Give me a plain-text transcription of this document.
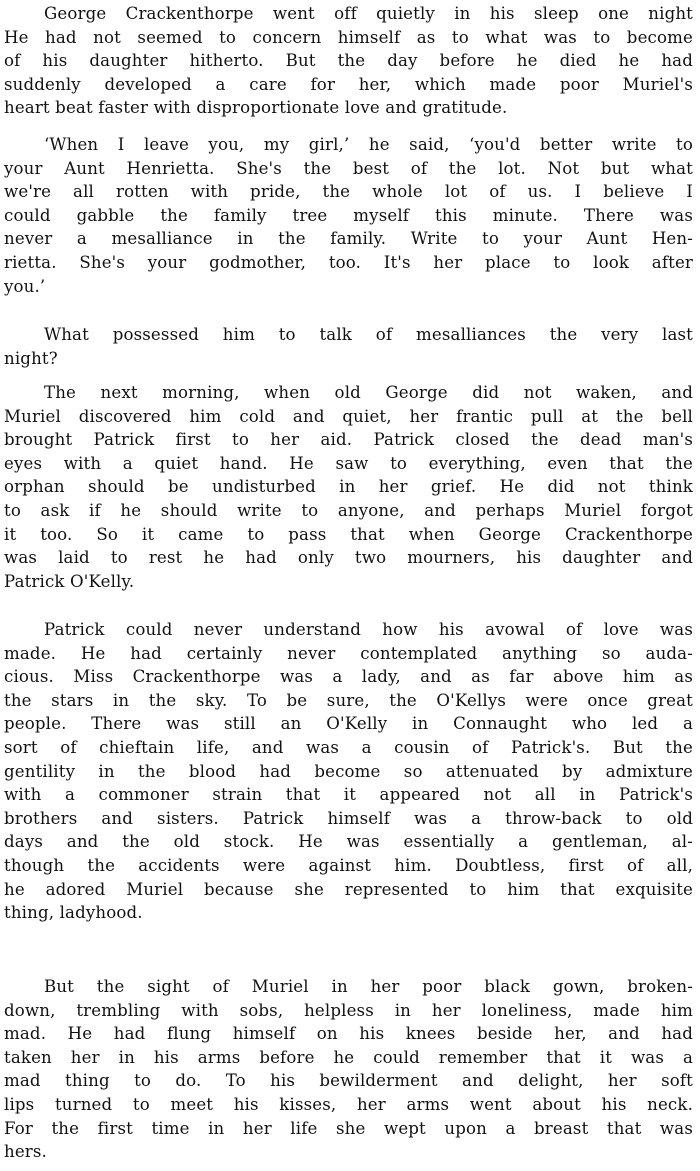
George Crackenthorpe went off quietly in his sleep one night
He had not seemed to concern himself as to what was to become
of his daughter hitherto. But the day before he died he had
suddenly developed a care for her, which made poor Muriel's
heart beat faster with disproportionate love and gratitude.
‘When I leave you, my girl,’ he said, ‘you'd better write to
your Aunt Henrietta. She's the best of the lot. Not but what
we're all rotten with pride, the whole lot of us. I believe I
could gabble the family tree myself this minute. There was
never a mesalliance in the family. Write to your Aunt Hen-
rietta. She's your godmother, too. It's her place to look after
you.’
What possessed him to talk of mesalliances the very last
night?
The next morning, when old George did not waken, and
Muriel discovered him cold and quiet, her frantic pull at the bell
brought Patrick first to her aid. Patrick closed the dead man's
eyes with a quiet hand. He saw to everything, even that the
orphan should be undisturbed in her grief. He did not think
to ask if he should write to anyone, and perhaps Muriel forgot
it too. So it came to pass that when George Crackenthorpe
was laid to rest he had only two mourners, his daughter and
Patrick O'Kelly.
Patrick could never understand how his avowal of love was
made. He had certainly never contemplated anything so auda-
cious. Miss Crackenthorpe was a lady, and as far above him as
the stars in the sky. To be sure, the O'Kellys were once great
people. There was still an O'Kelly in Connaught who led a
sort of chieftain life, and was a cousin of Patrick's. But the
gentility in the blood had become so attenuated by admixture
with a commoner strain that it appeared not all in Patrick's
brothers and sisters. Patrick himself was a throw-back to old
days and the old stock. He was essentially a gentleman, al-
though the accidents were against him. Doubtless, first of all,
he adored Muriel because she represented to him that exquisite
thing, ladyhood.
But the sight of Muriel in her poor black gown, broken-
down, trembling with sobs, helpless in her loneliness, made him
mad. He had flung himself on his knees beside her, and had
taken her in his arms before he could remember that it was a
mad thing to do. To his bewilderment and delight, her soft
lips turned to meet his kisses, her arms went about his neck.
For the first time in her life she wept upon a breast that was
hers.
